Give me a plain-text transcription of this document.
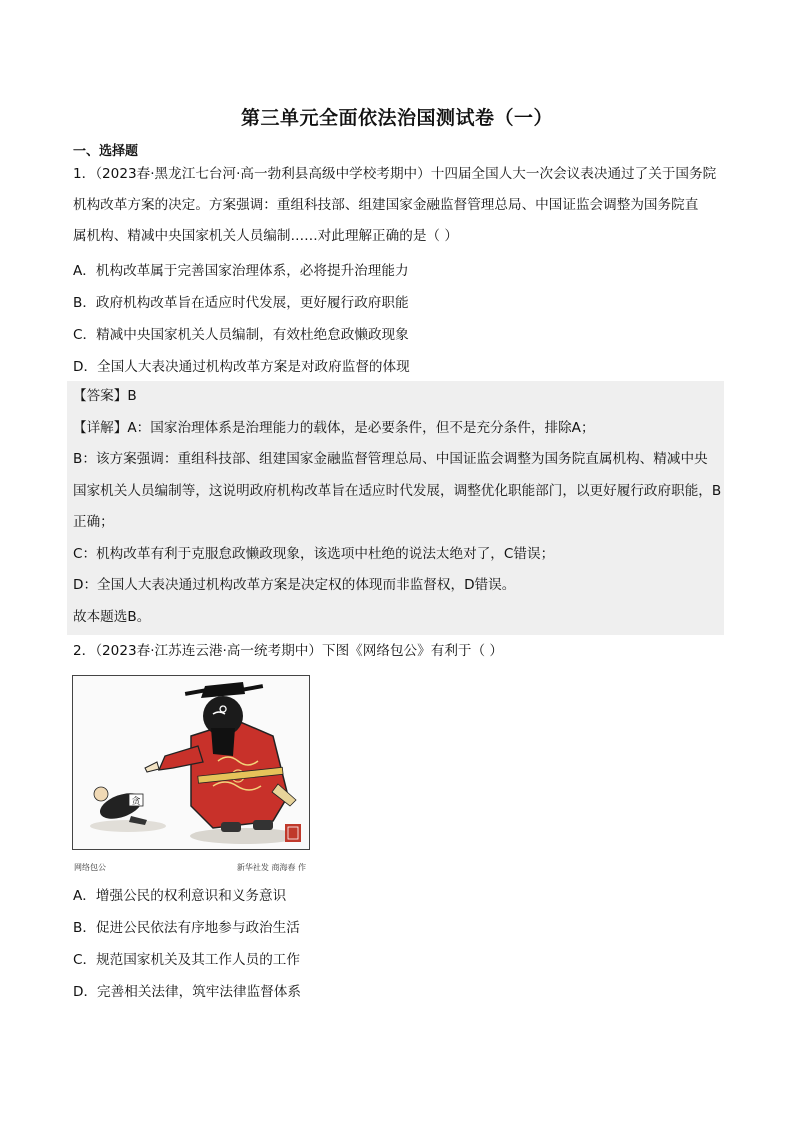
第三单元全面依法治国测试卷（一）
一、选择题

1．（2023春·黑龙江七台河·高一勃利县高级中学校考期中）十四届全国人大一次会议表决通过了关于国务院

机构改革方案的决定。方案强调：重组科技部、组建国家金融监督管理总局、中国证监会调整为国务院直

属机构、精减中央国家机关人员编制……对此理解正确的是（ ）

A．机构改革属于完善国家治理体系，必将提升治理能力

B．政府机构改革旨在适应时代发展，更好履行政府职能

C．精减中央国家机关人员编制，有效杜绝怠政懒政现象

D．全国人大表决通过机构改革方案是对政府监督的体现

【答案】B

【详解】A：国家治理体系是治理能力的载体，是必要条件，但不是充分条件，排除A；

B：该方案强调：重组科技部、组建国家金融监督管理总局、中国证监会调整为国务院直属机构、精减中央

国家机关人员编制等，这说明政府机构改革旨在适应时代发展，调整优化职能部门，以更好履行政府职能，B

正确；

C：机构改革有利于克服怠政懒政现象，该选项中杜绝的说法太绝对了，C错误；

D：全国人大表决通过机构改革方案是决定权的体现而非监督权，D错误。

故本题选B。

2．（2023春·江苏连云港·高一统考期中）下图《网络包公》有利于（ ）

贪
网络包公	新华社发 商海春 作

A．增强公民的权利意识和义务意识

B．促进公民依法有序地参与政治生活

C．规范国家机关及其工作人员的工作

D．完善相关法律，筑牢法律监督体系
